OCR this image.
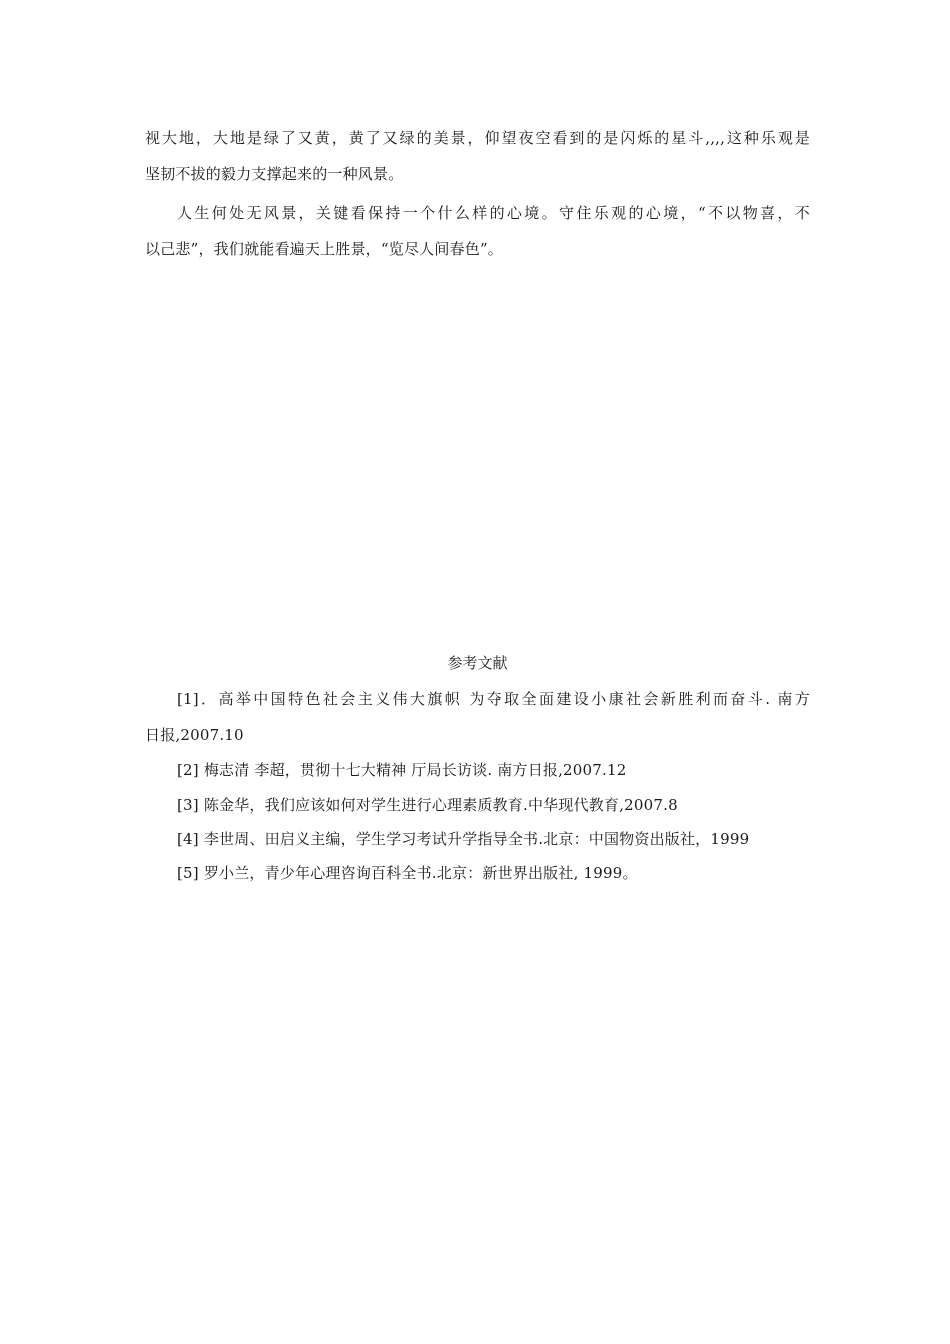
视大地，大地是绿了又黄，黄了又绿的美景，仰望夜空看到的是闪烁的星斗,,,,这种乐观是
坚韧不拔的毅力支撑起来的一种风景。
人生何处无风景，关键看保持一个什么样的心境。守住乐观的心境，“不以物喜，不
以己悲”，我们就能看遍天上胜景，“览尽人间春色”。
参考文献
[1]．高举中国特色社会主义伟大旗帜 为夺取全面建设小康社会新胜利而奋斗. 南方
日报,2007.10
[2] 梅志清 李超，贯彻十七大精神 厅局长访谈. 南方日报,2007.12
[3] 陈金华，我们应该如何对学生进行心理素质教育.中华现代教育,2007.8
[4] 李世周、田启义主编，学生学习考试升学指导全书.北京：中国物资出版社，1999
[5] 罗小兰，青少年心理咨询百科全书.北京：新世界出版社, 1999。
